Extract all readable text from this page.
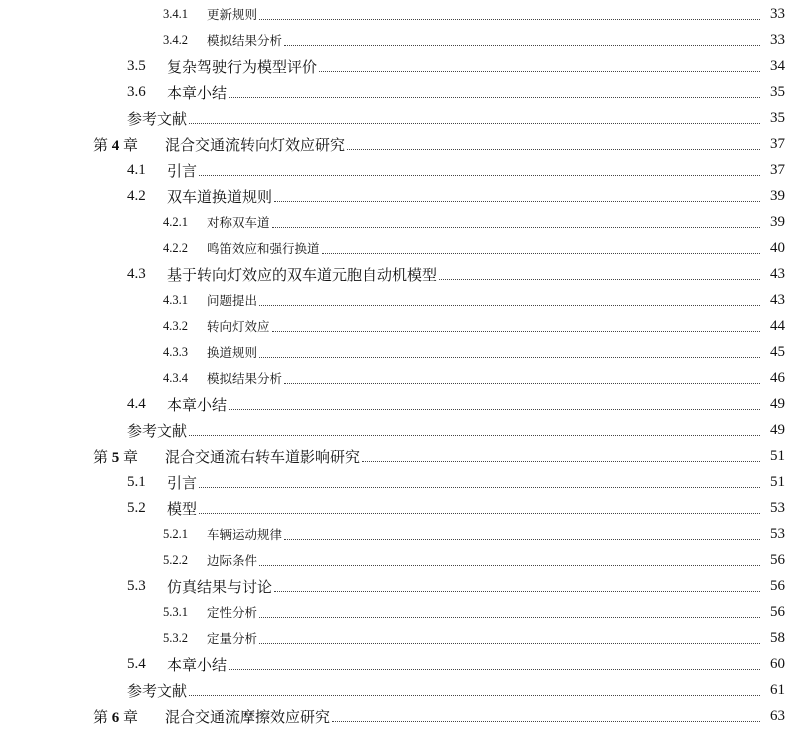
3.4.1	更新规则	33
3.4.2	模拟结果分析	33
3.5	复杂驾驶行为模型评价	34
3.6	本章小结	35
参考文献	35
第 4 章	混合交通流转向灯效应研究	37
4.1	引言	37
4.2	双车道换道规则	39
4.2.1	对称双车道	39
4.2.2	鸣笛效应和强行换道	40
4.3	基于转向灯效应的双车道元胞自动机模型	43
4.3.1	问题提出	43
4.3.2	转向灯效应	44
4.3.3	换道规则	45
4.3.4	模拟结果分析	46
4.4	本章小结	49
参考文献	49
第 5 章	混合交通流右转车道影响研究	51
5.1	引言	51
5.2	模型	53
5.2.1	车辆运动规律	53
5.2.2	边际条件	56
5.3	仿真结果与讨论	56
5.3.1	定性分析	56
5.3.2	定量分析	58
5.4	本章小结	60
参考文献	61
第 6 章	混合交通流摩擦效应研究	63
